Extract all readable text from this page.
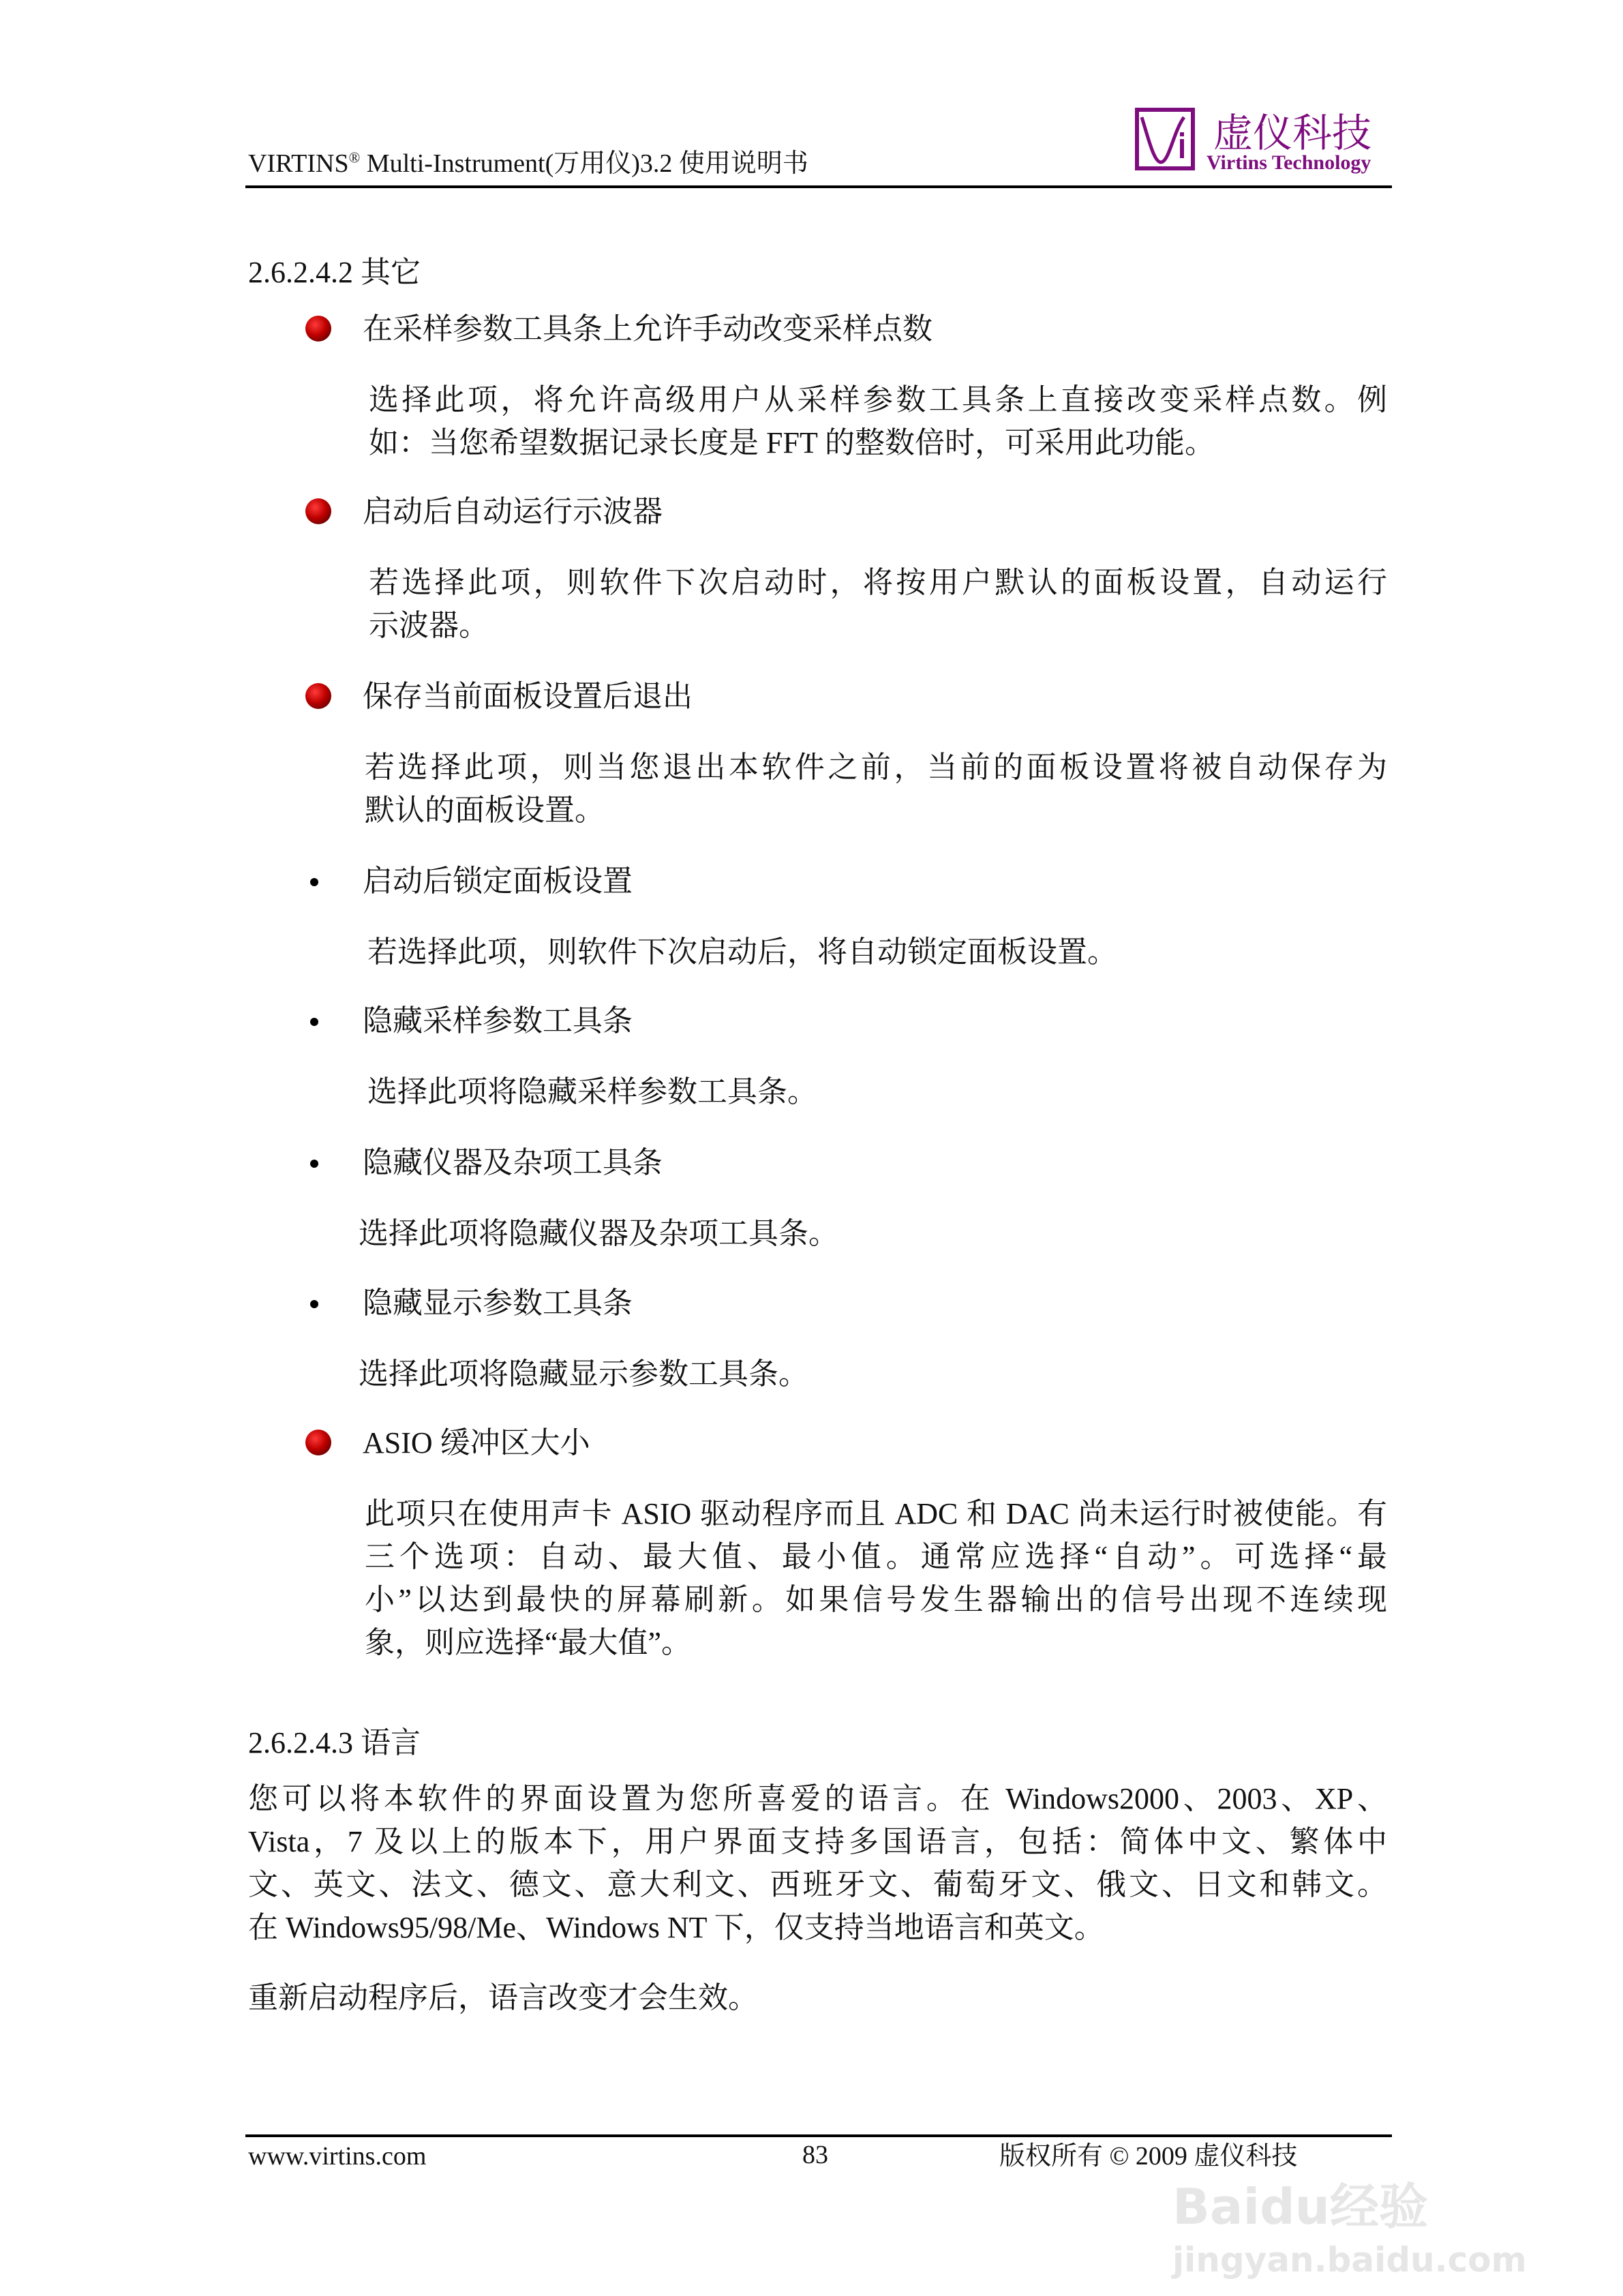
VIRTINS® Multi-Instrument(万用仪)3.2 使用说明书
虚仪科技
Virtins Technology
2.6.2.4.2 其它
在采样参数工具条上允许手动改变采样点数
选择此项，将允许高级用户从采样参数工具条上直接改变采样点数。例
如：当您希望数据记录长度是 FFT 的整数倍时，可采用此功能。
启动后自动运行示波器
若选择此项，则软件下次启动时，将按用户默认的面板设置，自动运行
示波器。
保存当前面板设置后退出
若选择此项，则当您退出本软件之前，当前的面板设置将被自动保存为
默认的面板设置。
启动后锁定面板设置
若选择此项，则软件下次启动后，将自动锁定面板设置。
隐藏采样参数工具条
选择此项将隐藏采样参数工具条。
隐藏仪器及杂项工具条
选择此项将隐藏仪器及杂项工具条。
隐藏显示参数工具条
选择此项将隐藏显示参数工具条。
ASIO 缓冲区大小
此项只在使用声卡 ASIO 驱动程序而且 ADC 和 DAC 尚未运行时被使能。有
三个选项：自动、最大值、最小值。通常应选择“自动”。可选择“最
小”以达到最快的屏幕刷新。如果信号发生器输出的信号出现不连续现
象，则应选择“最大值”。
2.6.2.4.3 语言
您可以将本软件的界面设置为您所喜爱的语言。在 Windows2000、2003、XP、
Vista，7 及以上的版本下，用户界面支持多国语言，包括：简体中文、繁体中
文、英文、法文、德文、意大利文、西班牙文、葡萄牙文、俄文、日文和韩文。
在 Windows95/98/Me、Windows NT 下，仅支持当地语言和英文。
重新启动程序后，语言改变才会生效。
www.virtins.com	83	版权所有 © 2009 虚仪科技
Baidu经验
jingyan.baidu.com
